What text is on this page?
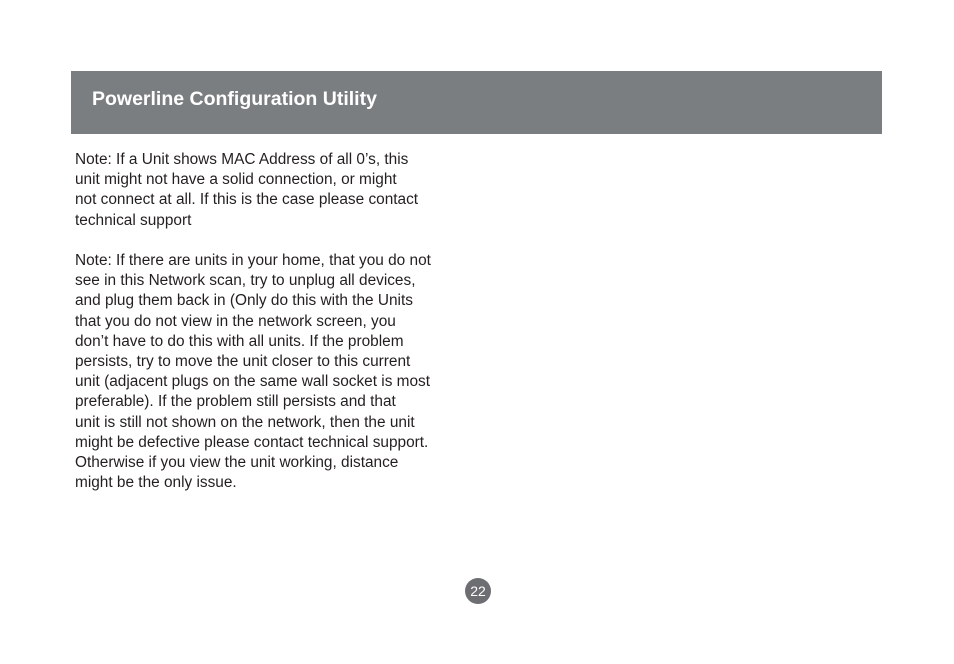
Powerline Configuration Utility

Note: If a Unit shows MAC Address of all 0’s, this
unit might not have a solid connection, or might
not connect at all. If this is the case please contact
technical support

Note: If there are units in your home, that you do not
see in this Network scan, try to unplug all devices,
and plug them back in (Only do this with the Units
that you do not view in the network screen, you
don’t have to do this with all units. If the problem
persists, try to move the unit closer to this current
unit (adjacent plugs on the same wall socket is most
preferable). If the problem still persists and that
unit is still not shown on the network, then the unit
might be defective please contact technical support.
Otherwise if you view the unit working, distance
might be the only issue.

22
